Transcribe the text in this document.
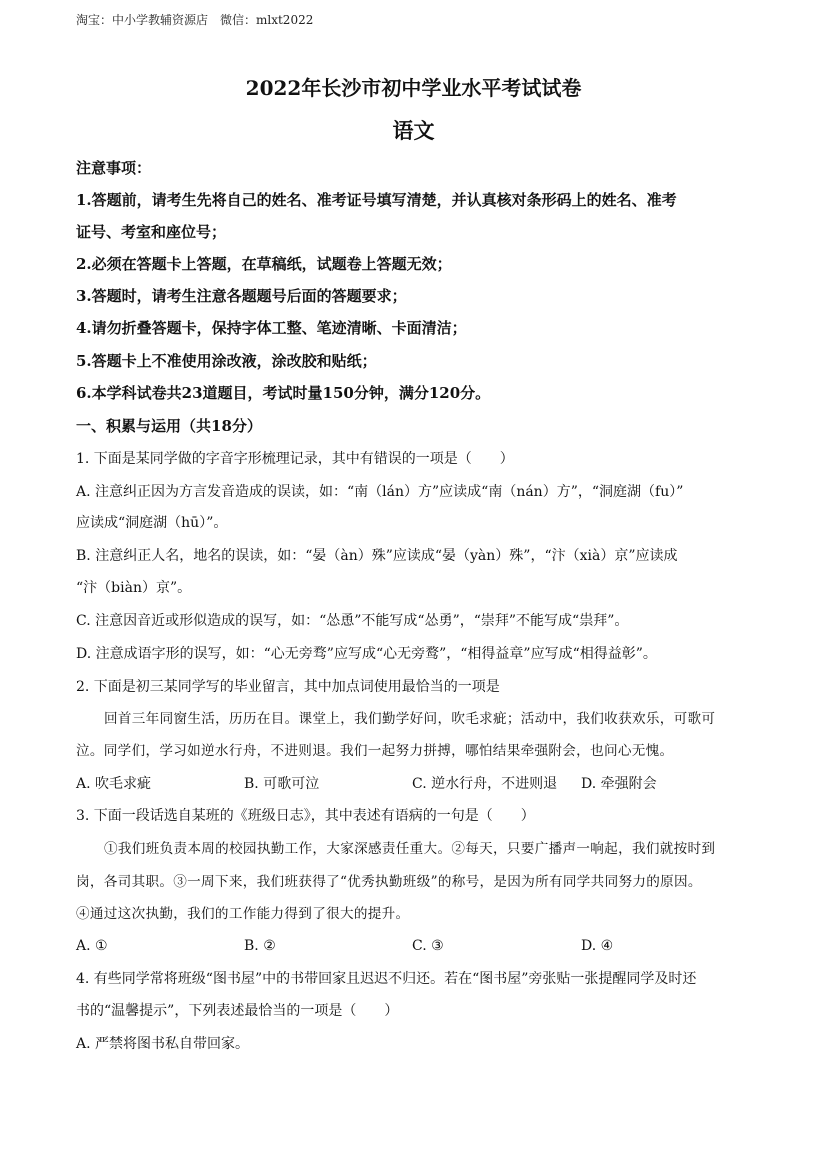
淘宝：中小学教辅资源店　微信：mlxt2022
2022年长沙市初中学业水平考试试卷
语文
注意事项：
1.答题前，请考生先将自己的姓名、准考证号填写清楚，并认真核对条形码上的姓名、准考
证号、考室和座位号；
2.必须在答题卡上答题，在草稿纸，试题卷上答题无效；
3.答题时，请考生注意各题题号后面的答题要求；
4.请勿折叠答题卡，保持字体工整、笔迹清晰、卡面清洁；
5.答题卡上不准使用涂改液，涂改胶和贴纸；
6.本学科试卷共23道题目，考试时量150分钟，满分120分。
一、积累与运用（共18分）
1. 下面是某同学做的字音字形梳理记录，其中有错误的一项是（　　）
A. 注意纠正因为方言发音造成的误读，如：“南（lán）方”应读成“南（nán）方”，“洞庭湖（fu）”
应读成“洞庭湖（hū）”。
B. 注意纠正人名，地名的误读，如：“晏（àn）殊”应读成“晏（yàn）殊”，“汴（xià）京”应读成
“汴（biàn）京”。
C. 注意因音近或形似造成的误写，如：“怂恿”不能写成“怂勇”，“崇拜”不能写成“祟拜”。
D. 注意成语字形的误写，如：“心无旁骛”应写成“心无旁鹜”，“相得益章”应写成“相得益彰”。
2. 下面是初三某同学写的毕业留言，其中加点词使用最恰当的一项是
回首三年同窗生活，历历在目。课堂上，我们勤学好问，吹毛求疵；活动中，我们收获欢乐，可歌可
泣。同学们，学习如逆水行舟，不进则退。我们一起努力拼搏，哪怕结果牵强附会，也问心无愧。
A. 吹毛求疵	B. 可歌可泣	C. 逆水行舟，不进则退 D. 牵强附会
3. 下面一段话选自某班的《班级日志》，其中表述有语病的一句是（　　）
①我们班负责本周的校园执勤工作，大家深感责任重大。②每天，只要广播声一响起，我们就按时到
岗，各司其职。③一周下来，我们班获得了“优秀执勤班级”的称号，是因为所有同学共同努力的原因。
④通过这次执勤，我们的工作能力得到了很大的提升。
A. ①	B. ②	C. ③	D. ④
4. 有些同学常将班级“图书屋”中的书带回家且迟迟不归还。若在“图书屋”旁张贴一张提醒同学及时还
书的“温馨提示”，下列表述最恰当的一项是（　　）
A. 严禁将图书私自带回家。
